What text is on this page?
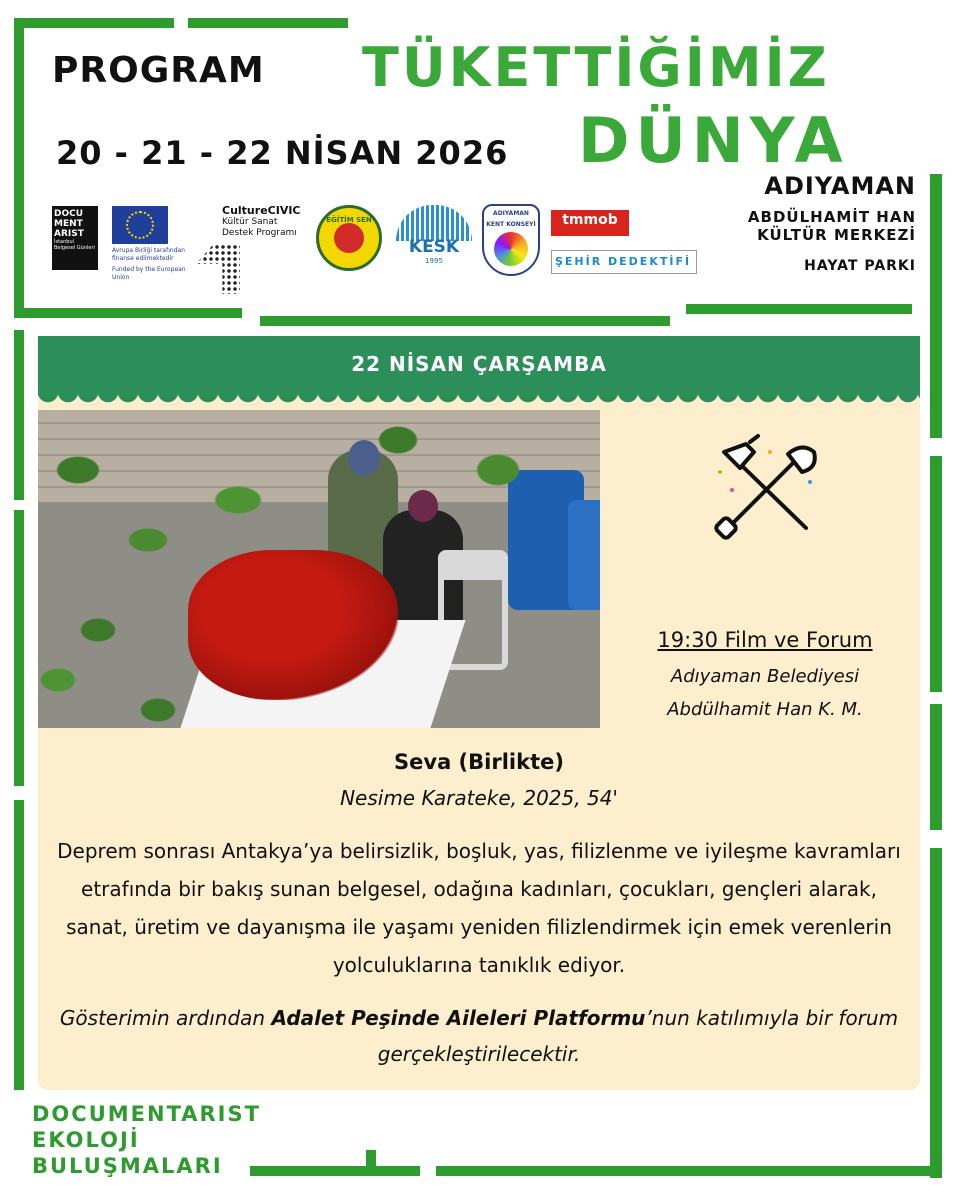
PROGRAM
20 - 21 - 22 NİSAN 2026
TÜKETTİĞİMİZ
DÜNYA
ADIYAMAN
ABDÜLHAMİT HAN
KÜLTÜR MERKEZİ
HAYAT PARKI
DOCU
MENT
ARIST
İstanbul Belgesel Günleri	Avrupa Birliği tarafından finanse edilmektedir
Funded by the European Union
CultureCIVIC
Kültür Sanat
Destek Programı
EĞİTİM SEN
KESK
1995
ADIYAMAN
KENT KONSEYİ	tmmob
ŞEHİR DEDEKTİFİ
22 NİSAN ÇARŞAMBA
19:30 Film ve Forum
Adıyaman Belediyesi
Abdülhamit Han K. M.
Seva (Birlikte)
Nesime Karateke, 2025, 54'
Deprem sonrası Antakya’ya belirsizlik, boşluk, yas, filizlenme ve iyileşme kavramları etrafında bir bakış sunan belgesel, odağına kadınları, çocukları, gençleri alarak, sanat, üretim ve dayanışma ile yaşamı yeniden filizlendirmek için emek verenlerin yolculuklarına tanıklık ediyor.
Gösterimin ardından Adalet Peşinde Aileleri Platformu’nun katılımıyla bir forum gerçekleştirilecektir.
DOCUMENTARIST
EKOLOJİ
BULUŞMALARI
